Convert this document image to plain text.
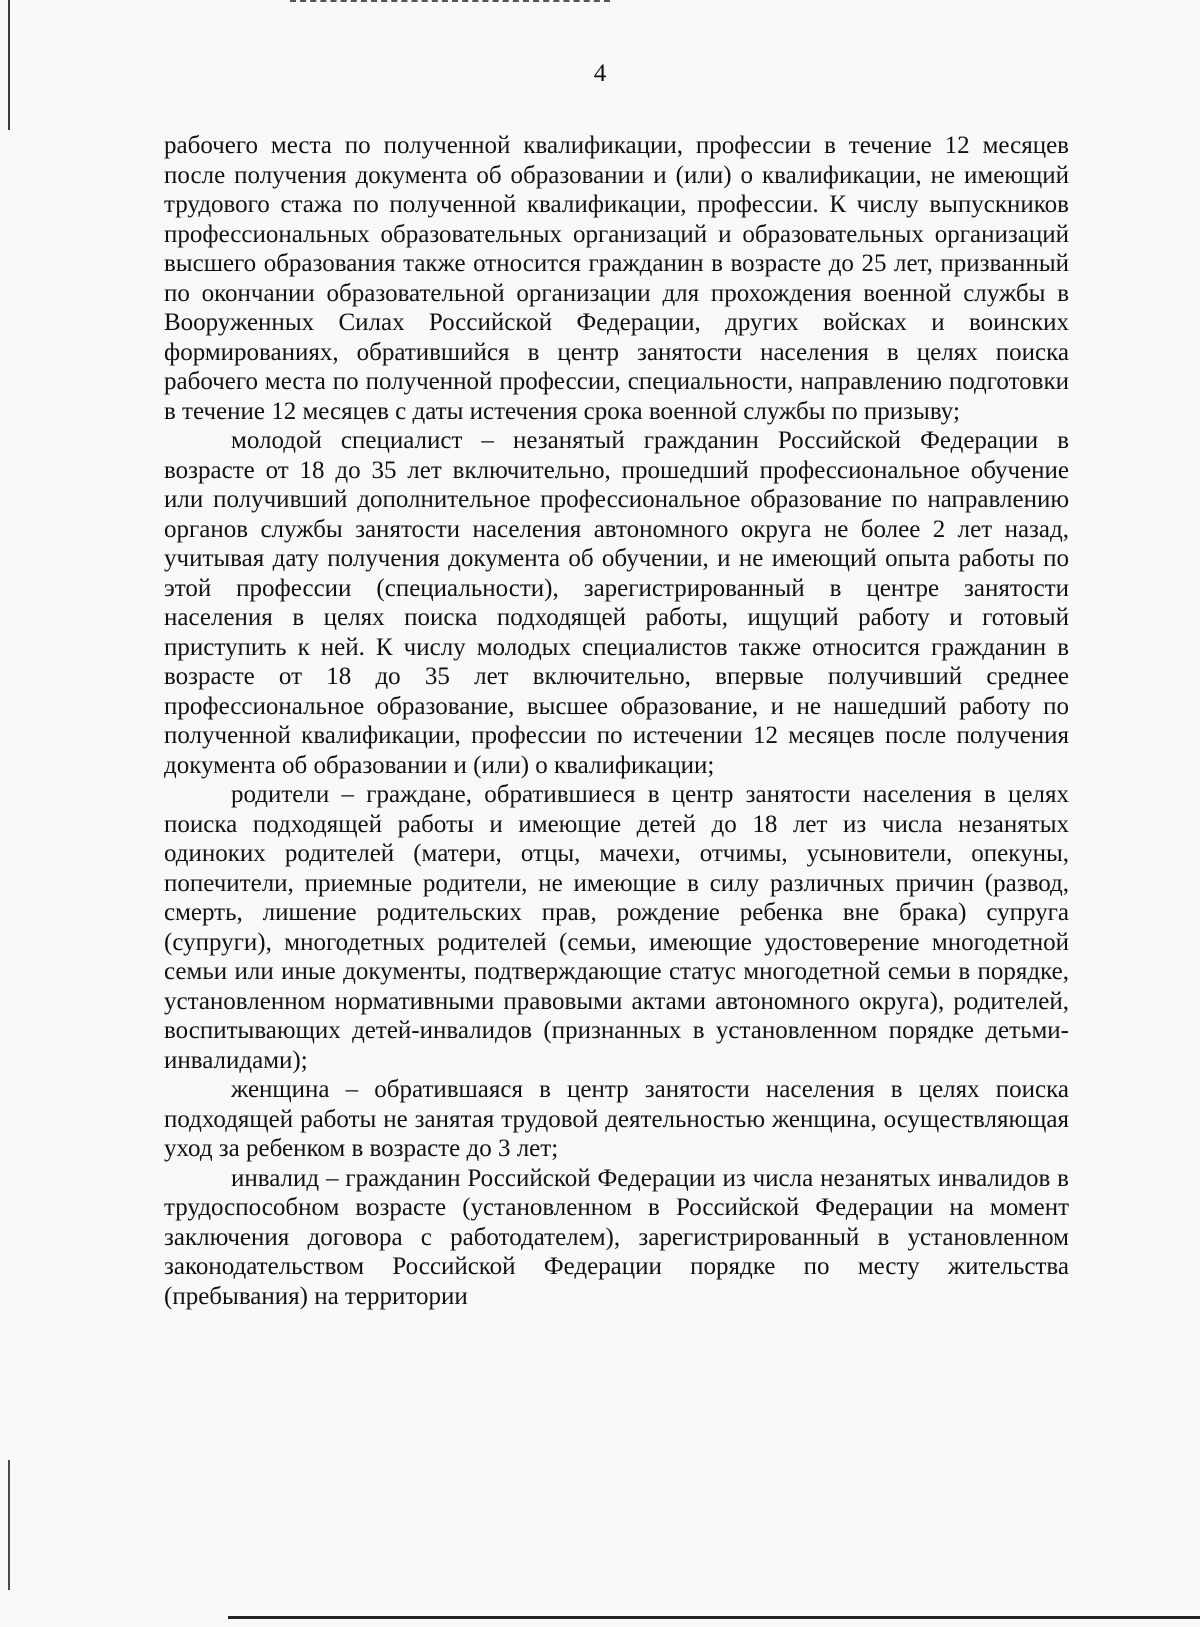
4

рабочего места по полученной квалификации, профессии в течение 12 месяцев после получения документа об образовании и (или) о квалификации, не имеющий трудового стажа по полученной квалификации, профессии. К числу выпускников профессиональных образовательных организаций и образовательных организаций высшего образования также относится гражданин в возрасте до 25 лет, призванный по окончании образовательной организации для прохождения военной службы в Вооруженных Силах Российской Федерации, других войсках и воинских формированиях, обратившийся в центр занятости населения в целях поиска рабочего места по полученной профессии, специальности, направлению подготовки в течение 12 месяцев с даты истечения срока военной службы по призыву;

молодой специалист – незанятый гражданин Российской Федерации в возрасте от 18 до 35 лет включительно, прошедший профессиональное обучение или получивший дополнительное профессиональное образование по направлению органов службы занятости населения автономного округа не более 2 лет назад, учитывая дату получения документа об обучении, и не имеющий опыта работы по этой профессии (специальности), зарегистрированный в центре занятости населения в целях поиска подходящей работы, ищущий работу и готовый приступить к ней. К числу молодых специалистов также относится гражданин в возрасте от 18 до 35 лет включительно, впервые получивший среднее профессиональное образование, высшее образование, и не нашедший работу по полученной квалификации, профессии по истечении 12 месяцев после получения документа об образовании и (или) о квалификации;

родители – граждане, обратившиеся в центр занятости населения в целях поиска подходящей работы и имеющие детей до 18 лет из числа незанятых одиноких родителей (матери, отцы, мачехи, отчимы, усыновители, опекуны, попечители, приемные родители, не имеющие в силу различных причин (развод, смерть, лишение родительских прав, рождение ребенка вне брака) супруга (супруги), многодетных родителей (семьи, имеющие удостоверение многодетной семьи или иные документы, подтверждающие статус многодетной семьи в порядке, установленном нормативными правовыми актами автономного округа), родителей, воспитывающих детей-инвалидов (признанных в установленном порядке детьми-инвалидами);

женщина – обратившаяся в центр занятости населения в целях поиска подходящей работы не занятая трудовой деятельностью женщина, осуществляющая уход за ребенком в возрасте до 3 лет;

инвалид – гражданин Российской Федерации из числа незанятых инвалидов в трудоспособном возрасте (установленном в Российской Федерации на момент заключения договора с работодателем), зарегистрированный в установленном законодательством Российской Федерации порядке по месту жительства (пребывания) на территории
